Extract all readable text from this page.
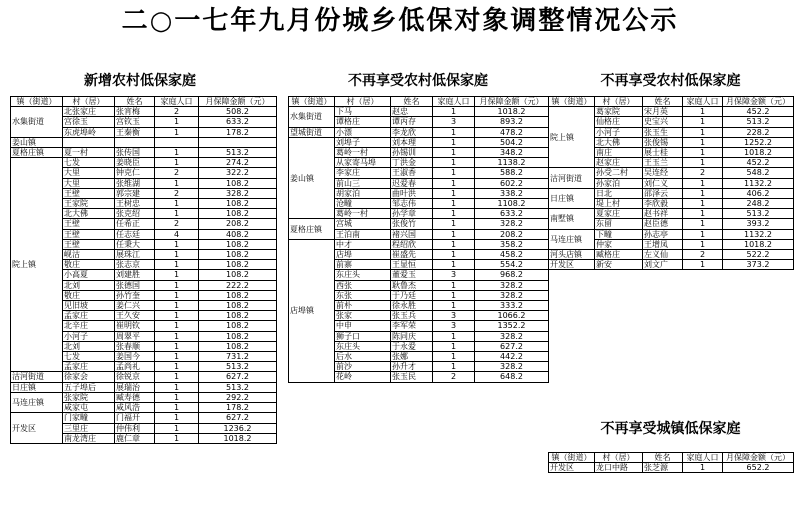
二○一七年九月份城乡低保对象调整情况公示
新增农村低保家庭	不再享受农村低保家庭	不再享受农村低保家庭
不再享受城镇低保家庭
镇（街道）	村（居）	姓名	家庭人口	月保障金额（元）
水集街道	北张家庄	张宵梅	2	508.2
	宫徐玉	宫钦玉	1	633.2
	东虎埠岭	王秦衡	1	178.2
姜山镇				
夏格庄镇	夏一村	张传国	1	513.2
院上镇	七发	姜晓臣	1	274.2
	大里	钟克仁	2	322.2
	大里	张维湖	1	108.2
	王壁	郭宗建	2	328.2
	王家院	王树忠	1	108.2
	北大佛	张克绍	1	108.2
	王壁	任希正	2	208.2
	王壁	任志廷	4	408.2
	王壁	任秉大	1	108.2
	岘沽	展珠江	1	108.2
	敬庄	张志京	1	108.2
	小高夏	刘建胜	1	108.2
	北刘	张德国	1	222.2
	敬庄	孙竹奎	1	108.2
	见旧坡	姜仁兴	1	108.2
	孟家庄	王久安	1	108.2
	北辛庄	崔明钦	1	108.2
	小河子	周翠平	1	108.2
	北刘	张春顺	1	108.2
	七发	姜国今	1	731.2
	孟家庄	孟尚礼	1	513.2
沽河街道	徐家会	徐锐京	1	627.2
日庄镇	五子埠后	展瑞治	1	513.2
马连庄镇	张家院	臧寿德	1	292.2
	咸家屯	咸风浩	1	178.2
开发区	门家疃	门福开	1	627.2
	三里庄	仲伟利	1	1236.2
	南龙湾庄	鹿仁章	1	1018.2
镇（街道）	村（居）	姓名	家庭人口	月保障金额（元）
水集街道	下马	赵忠	1	1018.2
	谭格庄	谭丙存	3	893.2
望城街道	小漂	李龙欣	1	478.2
姜山镇	刘埠子	刘本理	1	504.2
	葛岭一村	孙锡训	1	348.2
	从家寄马埠	丁洪金	1	1138.2
	李家庄	王淑香	1	588.2
	前山三	迟爱春	1	602.2
	胡家泊	曲叶洪	1	338.2
	沧疃	邹志伟	1	1108.2
	葛岭一村	孙学章	1	633.2
夏格庄镇	宫城	张俊竹	1	328.2
	王泊南	褚兴国	1	208.2
店埠镇	中才	程绍欣	1	358.2
	店埠	崔盛先	1	458.2
	前寨	王显恒	1	554.2
	东庄头	董爱玉	3	968.2
	西张	耿鲁杰	1	328.2
	东张	于乃廷	1	328.2
	前朴	徐永胜	1	333.2
	张家	张玉兵	3	1066.2
	中申	李军荣	3	1352.2
	狮子口	陈同庆	1	328.2
	东庄头	于永爱	1	627.2
	后水	张娜	1	442.2
	前沙	孙升才	1	328.2
	花岭	张玉民	2	648.2
镇（街道）	村（居）	姓名	家庭人口	月保障金额（元）
院上镇	葛家院	宋月英	1	452.2
	仙格庄	史宝兴	1	513.2
	小河子	张玉生	1	228.2
	北大佛	张俊锡	1	1252.2
	南庄	展士桂	1	1018.2
	赵家庄	王玉兰	1	452.2
沽河街道	孙受二村	吴连经	2	548.2
	孙家泊	刘仁义	1	1132.2
日庄镇	日北	邵泽云	1	406.2
	堤上村	李欣毅	1	248.2
南墅镇	夏家庄	赵书祥	1	513.2
	东留	赵臣德	1	393.2
马连庄镇	下疃	孙志亭	1	1132.2
	仲家	王增凤	1	1018.2
河头店镇	臧格庄	左义仙	2	522.2
开发区	新安	刘文广	1	373.2
镇（街道）	村（居）	姓名	家庭人口	月保障金额（元）
开发区	龙口中路	张芝源	1	652.2
